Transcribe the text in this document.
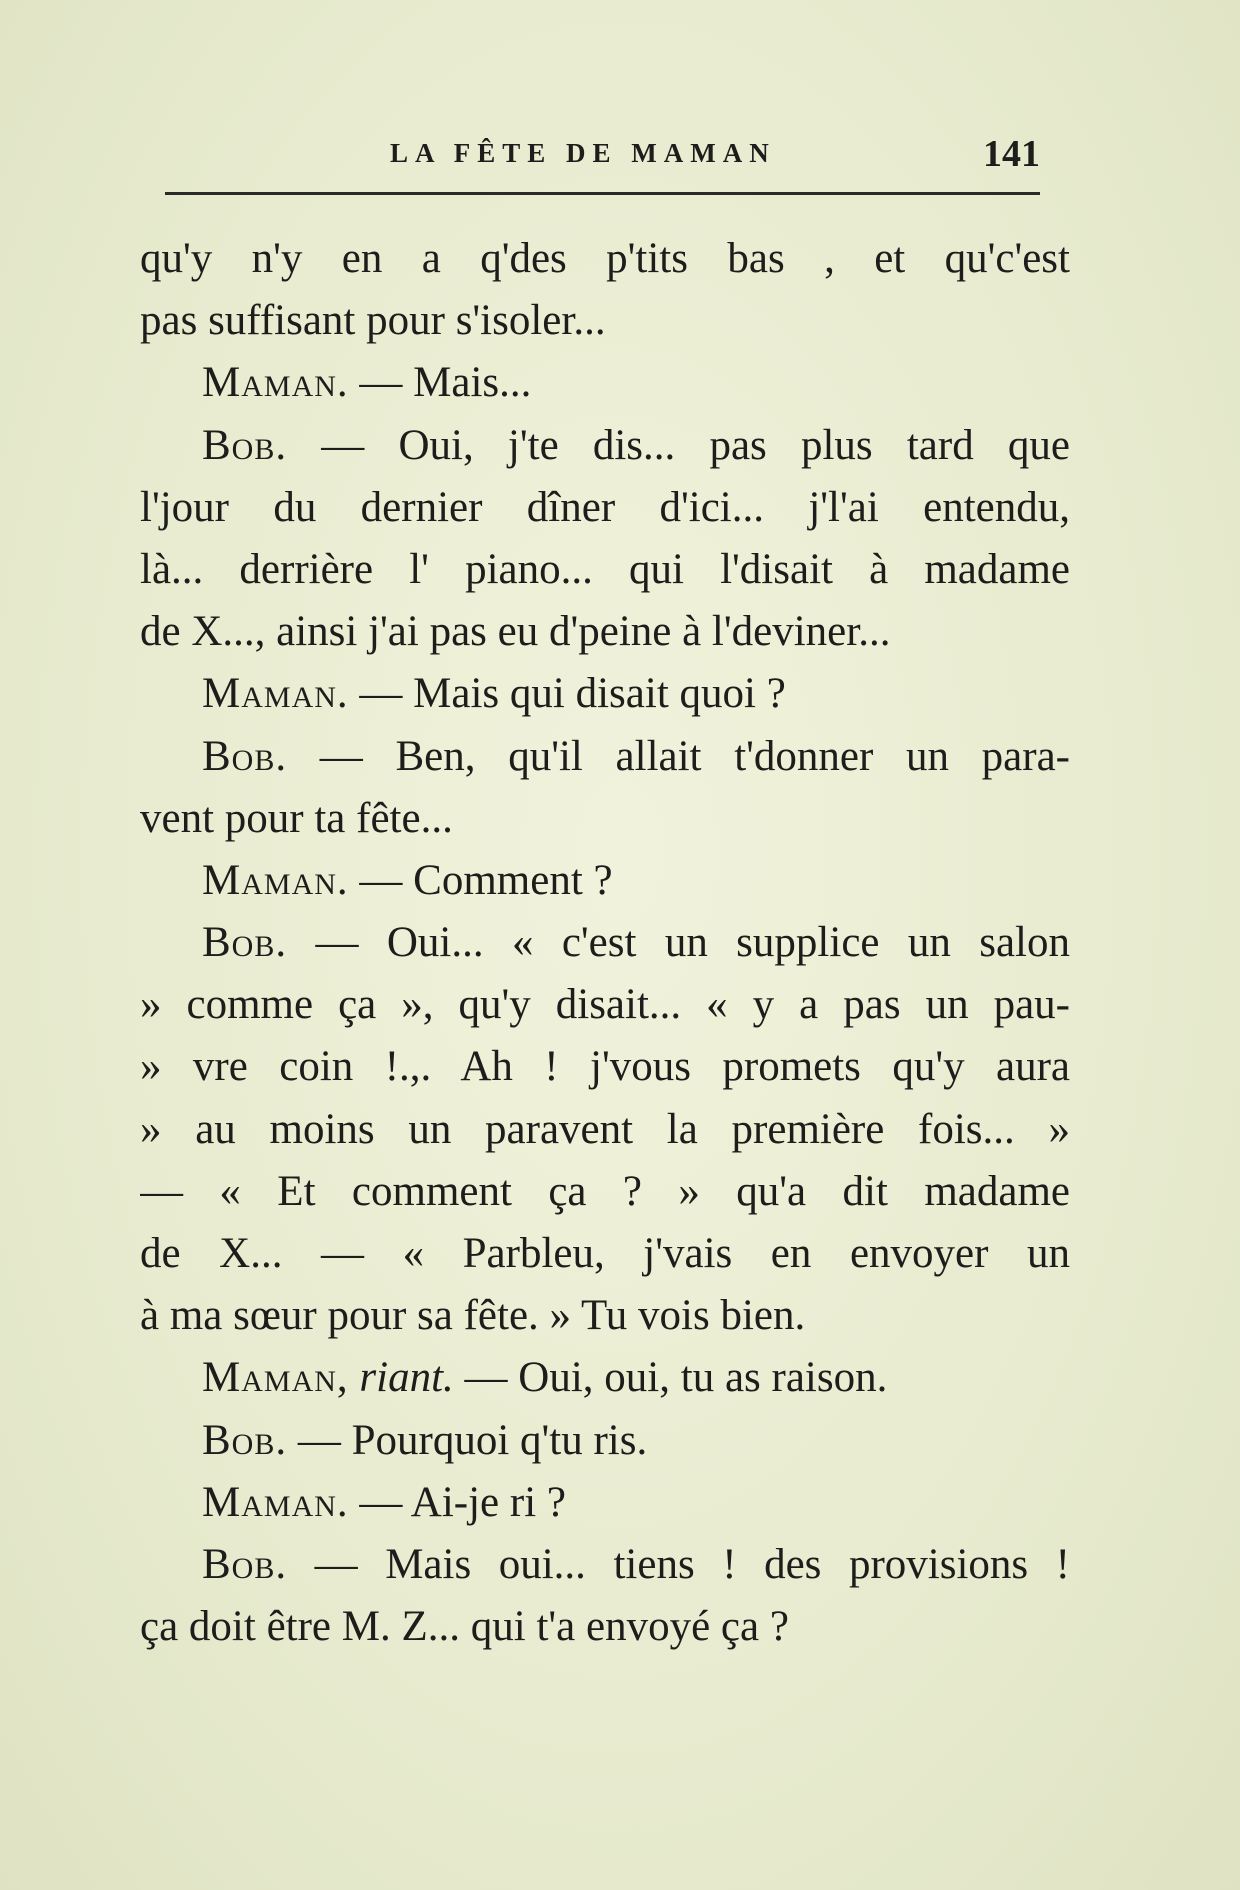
LA FÊTE DE MAMAN	141
qu'y n'y en a q'des p'tits bas , et qu'c'est
pas suffisant pour s'isoler...
Maman. — Mais...
Bob. — Oui, j'te dis... pas plus tard que
l'jour du dernier dîner d'ici... j'l'ai entendu,
là... derrière l' piano... qui l'disait à madame
de X..., ainsi j'ai pas eu d'peine à l'deviner...
Maman. — Mais qui disait quoi ?
Bob. — Ben, qu'il allait t'donner un para-
vent pour ta fête...
Maman. — Comment ?
Bob. — Oui... « c'est un supplice un salon
» comme ça », qu'y disait... « y a pas un pau-
» vre coin !.,. Ah ! j'vous promets qu'y aura
» au moins un paravent la première fois... »
— « Et comment ça ? » qu'a dit madame
de X... — « Parbleu, j'vais en envoyer un
à ma sœur pour sa fête. » Tu vois bien.
Maman, riant. — Oui, oui, tu as raison.
Bob. — Pourquoi q'tu ris.
Maman. — Ai-je ri ?
Bob. — Mais oui... tiens ! des provisions !
ça doit être M. Z... qui t'a envoyé ça ?
